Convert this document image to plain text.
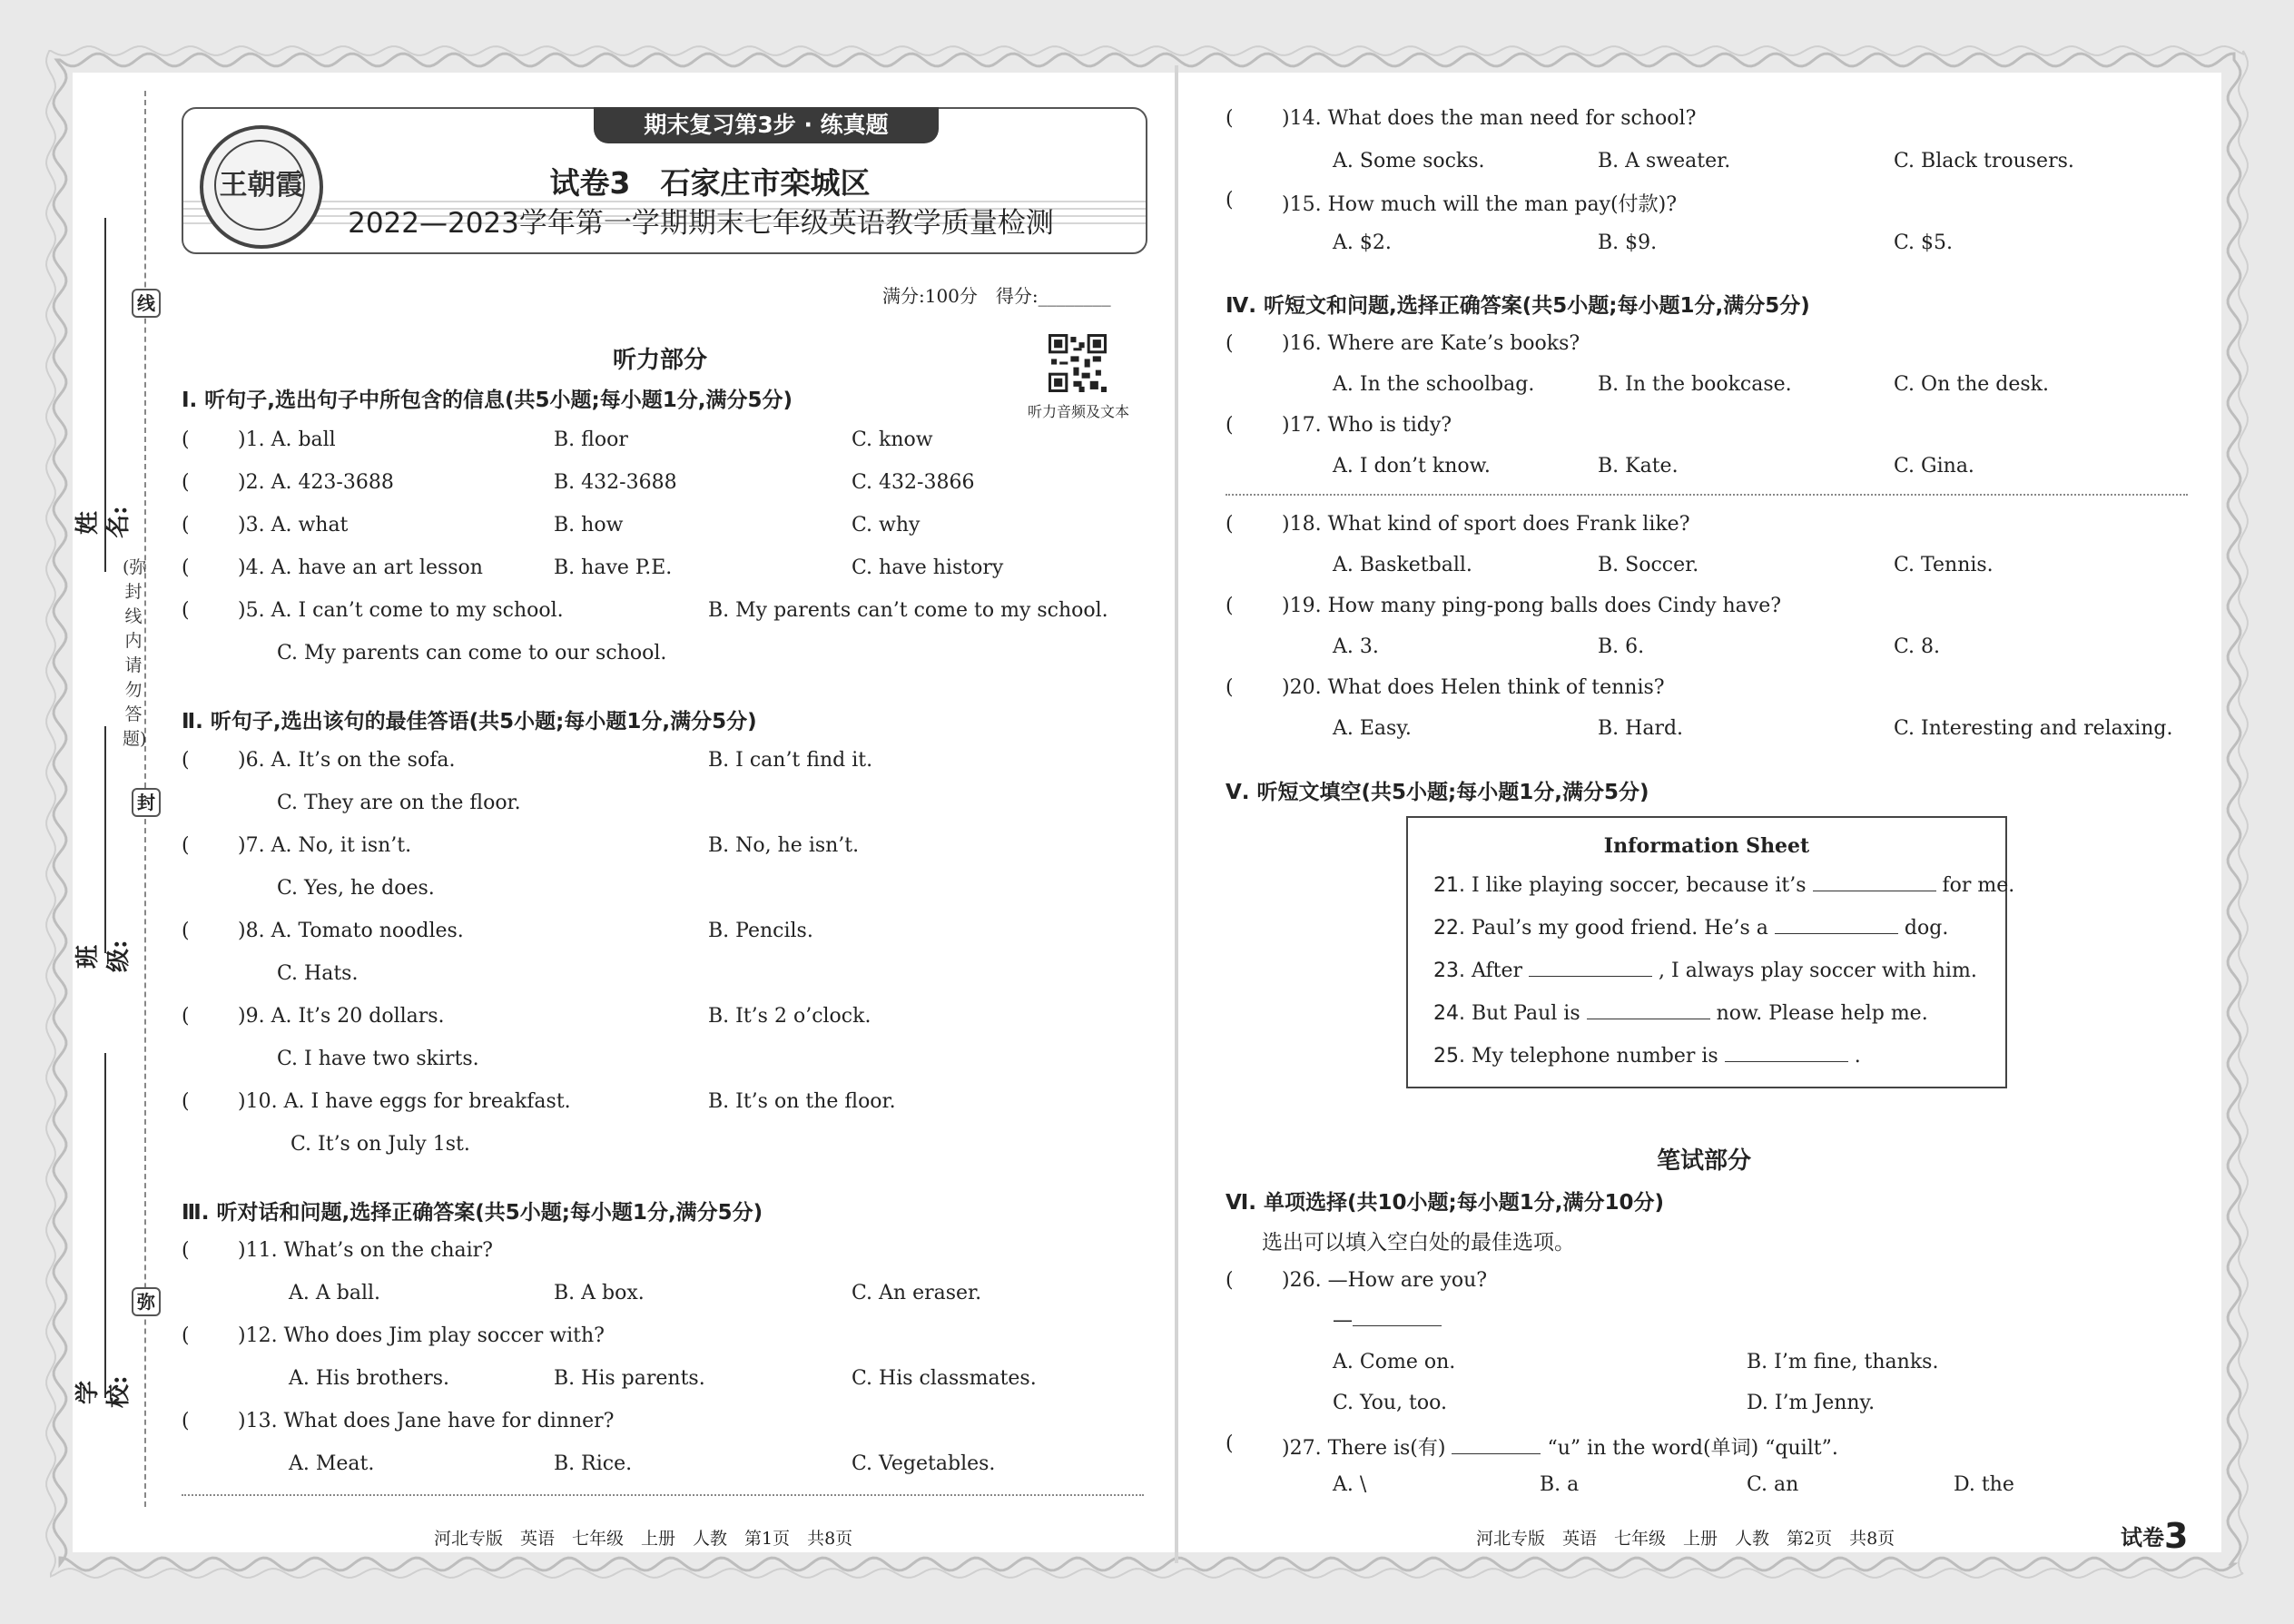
线
封
弥
姓名:
(弥封线内请勿答题)
班级:
学校:
期末复习第3步 · 练真题
王朝霞	试卷3　石家庄市栾城区
2022—2023学年第一学期期末七年级英语教学质量检测
满分:100分　得分:________
听力音频及文本
听力部分
Ⅰ. 听句子,选出句子中所包含的信息(共5小题;每小题1分,满分5分)
( )1. A. ball	B. floor	C. know
( )2. A. 423-3688	B. 432-3688	C. 432-3866
( )3. A. what	B. how	C. why
( )4. A. have an art lesson	B. have P.E.	C. have history
( )5. A. I can’t come to my school.	B. My parents can’t come to my school.
C. My parents can come to our school.
Ⅱ. 听句子,选出该句的最佳答语(共5小题;每小题1分,满分5分)
( )6. A. It’s on the sofa.	B. I can’t find it.
C. They are on the floor.
( )7. A. No, it isn’t.	B. No, he isn’t.
C. Yes, he does.
( )8. A. Tomato noodles.	B. Pencils.
C. Hats.
( )9. A. It’s 20 dollars.	B. It’s 2 o’clock.
C. I have two skirts.
( )10. A. I have eggs for breakfast.	B. It’s on the floor.
C. It’s on July 1st.
Ⅲ. 听对话和问题,选择正确答案(共5小题;每小题1分,满分5分)
( )11. What’s on the chair?
A. A ball.	B. A box.	C. An eraser.
( )12. Who does Jim play soccer with?
A. His brothers.	B. His parents.	C. His classmates.
( )13. What does Jane have for dinner?
A. Meat.	B. Rice.	C. Vegetables.
( )14. What does the man need for school?
A. Some socks.	B. A sweater.	C. Black trousers.
( )15. How much will the man pay(付款)?
A. $2.	B. $9.	C. $5.
Ⅳ. 听短文和问题,选择正确答案(共5小题;每小题1分,满分5分)
( )16. Where are Kate’s books?
A. In the schoolbag.	B. In the bookcase.	C. On the desk.
( )17. Who is tidy?
A. I don’t know.	B. Kate.	C. Gina.
( )18. What kind of sport does Frank like?
A. Basketball.	B. Soccer.	C. Tennis.
( )19. How many ping-pong balls does Cindy have?
A. 3.	B. 6.	C. 8.
( )20. What does Helen think of tennis?
A. Easy.	B. Hard.	C. Interesting and relaxing.
Ⅴ. 听短文填空(共5小题;每小题1分,满分5分)
Information Sheet
21. I like playing soccer, because it’s	for me.
22. Paul’s my good friend. He’s a	dog.
23. After	, I always play soccer with him.
24. But Paul is	now. Please help me.
25. My telephone number is	.
笔试部分
Ⅵ. 单项选择(共10小题;每小题1分,满分10分)
选出可以填入空白处的最佳选项。
( )26. —How are you?
—
A. Come on.	B. I’m fine, thanks.
C. You, too.	D. I’m Jenny.
( )27. There is(有)	“u” in the word(单词) “quilt”.
A. \	B. a	C. an	D. the
河北专版　英语　七年级　上册　人教　第1页　共8页	河北专版　英语　七年级　上册　人教　第2页　共8页	试卷3
